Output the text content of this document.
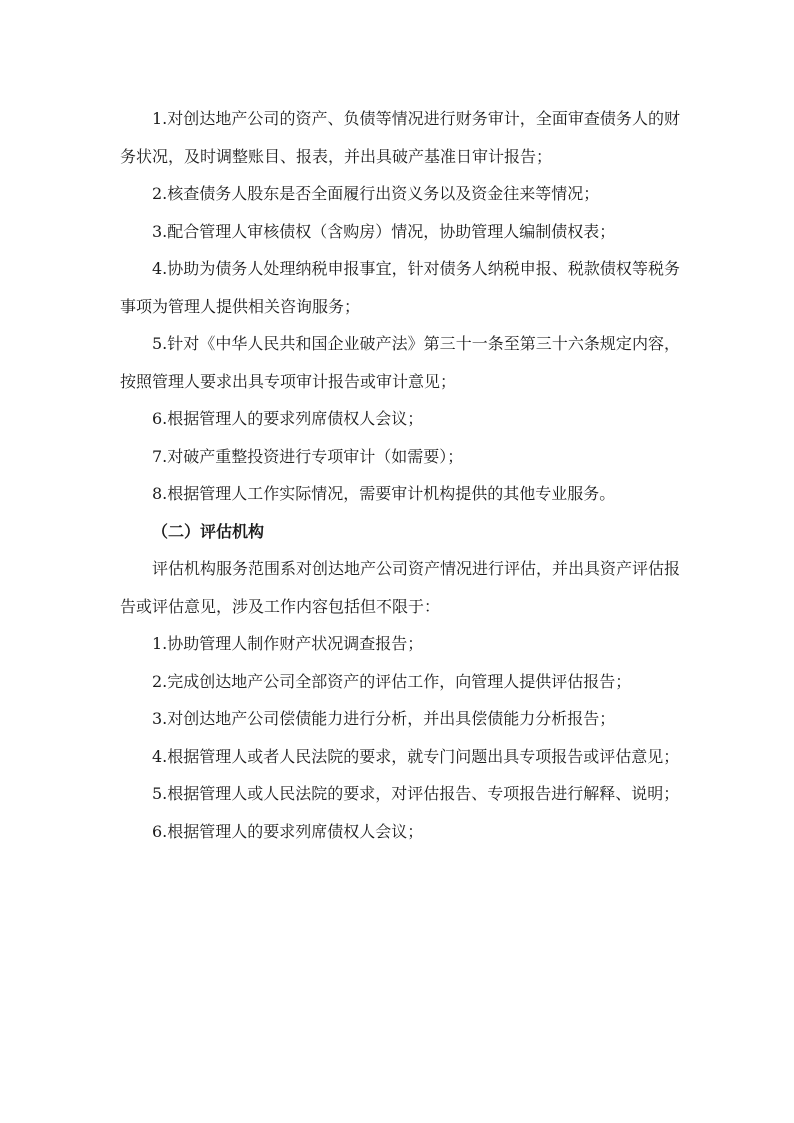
1.对创达地产公司的资产、负债等情况进行财务审计，全面审查债务人的财务状况，及时调整账目、报表，并出具破产基准日审计报告；

2.核查债务人股东是否全面履行出资义务以及资金往来等情况；

3.配合管理人审核债权（含购房）情况，协助管理人编制债权表；

4.协助为债务人处理纳税申报事宜，针对债务人纳税申报、税款债权等税务事项为管理人提供相关咨询服务；

5.针对《中华人民共和国企业破产法》第三十一条至第三十六条规定内容，按照管理人要求出具专项审计报告或审计意见；

6.根据管理人的要求列席债权人会议；

7.对破产重整投资进行专项审计（如需要）；

8.根据管理人工作实际情况，需要审计机构提供的其他专业服务。

（二）评估机构

评估机构服务范围系对创达地产公司资产情况进行评估，并出具资产评估报告或评估意见，涉及工作内容包括但不限于：

1.协助管理人制作财产状况调查报告；

2.完成创达地产公司全部资产的评估工作，向管理人提供评估报告；

3.对创达地产公司偿债能力进行分析，并出具偿债能力分析报告；

4.根据管理人或者人民法院的要求，就专门问题出具专项报告或评估意见；

5.根据管理人或人民法院的要求，对评估报告、专项报告进行解释、说明；

6.根据管理人的要求列席债权人会议；
